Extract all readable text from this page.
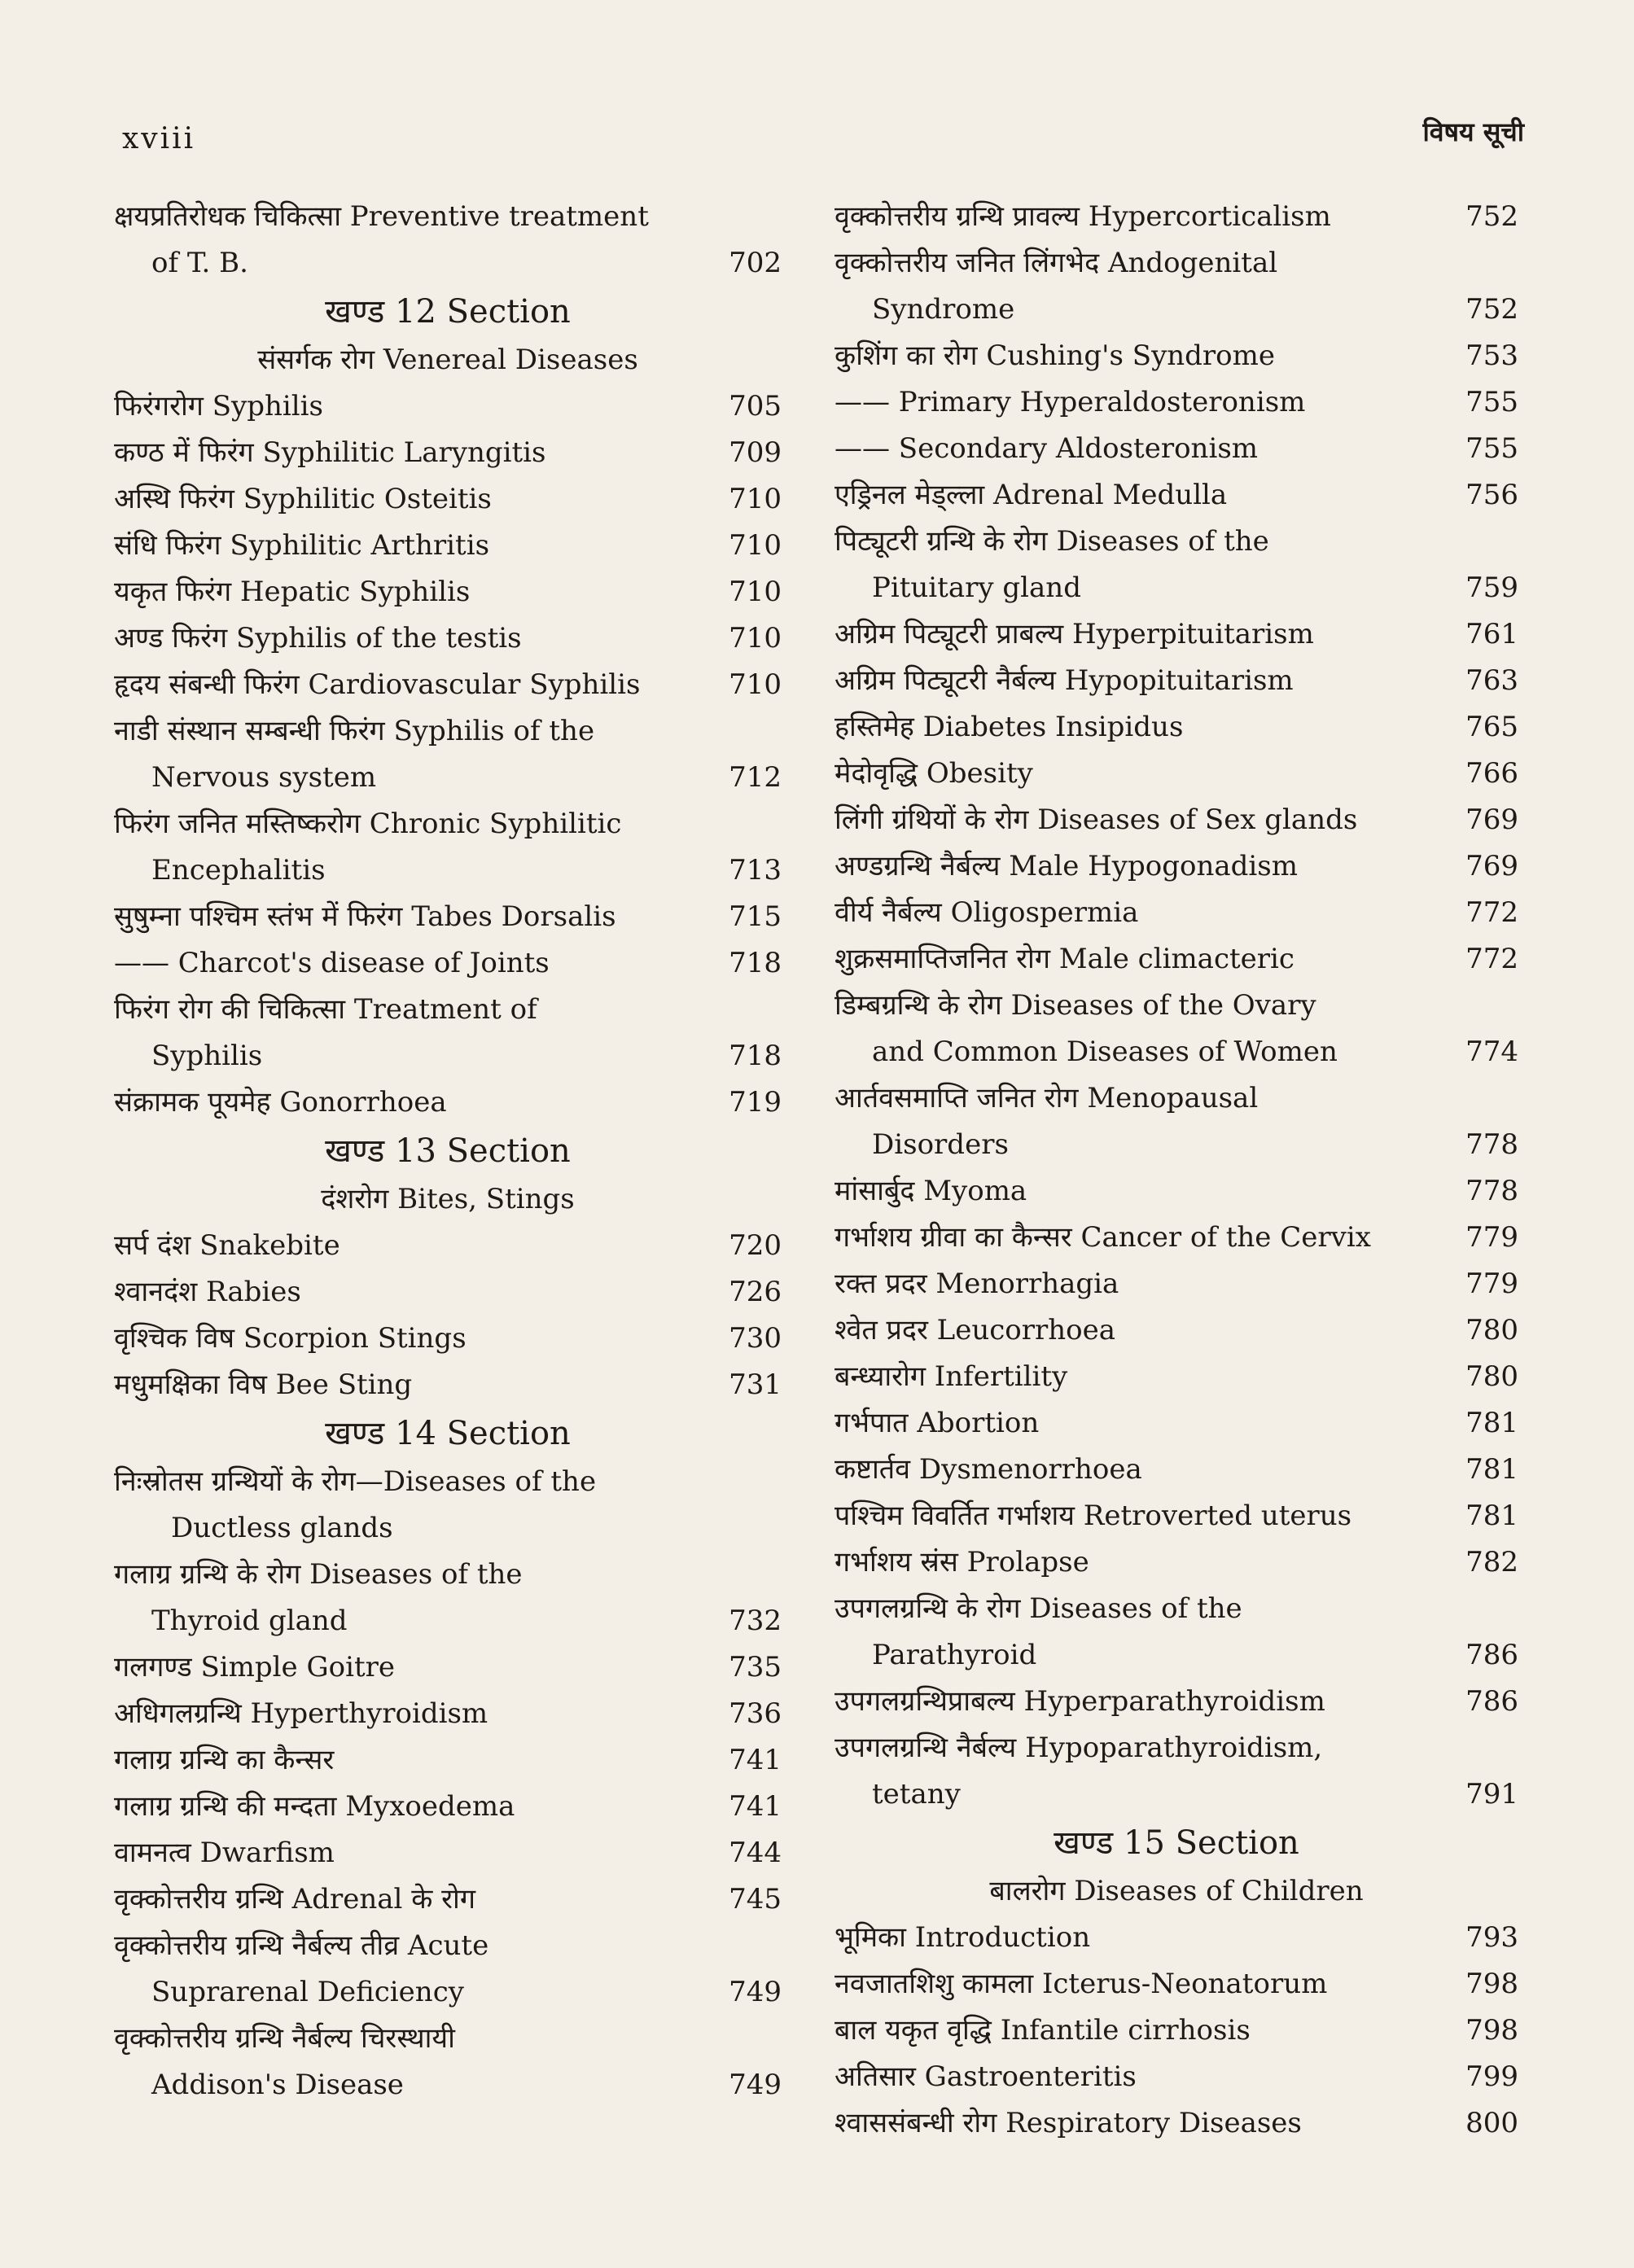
xviii	विषय सूची
क्षयप्रतिरोधक चिकित्सा Preventive treatment
of T. B.	702
खण्ड 12 Section
संसर्गक रोग Venereal Diseases
फिरंगरोग Syphilis	705
कण्ठ में फिरंग Syphilitic Laryngitis	709
अस्थि फिरंग Syphilitic Osteitis	710
संधि फिरंग Syphilitic Arthritis	710
यकृत फिरंग Hepatic Syphilis	710
अण्ड फिरंग Syphilis of the testis	710
हृदय संबन्धी फिरंग Cardiovascular Syphilis	710
नाडी संस्थान सम्बन्धी फिरंग Syphilis of the
Nervous system	712
फिरंग जनित मस्तिष्करोग Chronic Syphilitic
Encephalitis	713
सुषुम्ना पश्चिम स्तंभ में फिरंग Tabes Dorsalis	715
—— Charcot's disease of Joints	718
फिरंग रोग की चिकित्सा Treatment of
Syphilis	718
संक्रामक पूयमेह Gonorrhoea	719
खण्ड 13 Section
दंशरोग Bites, Stings
सर्प दंश Snakebite	720
श्वानदंश Rabies	726
वृश्चिक विष Scorpion Stings	730
मधुमक्षिका विष Bee Sting	731
खण्ड 14 Section
निःस्रोतस ग्रन्थियों के रोग—Diseases of the
Ductless glands
गलाग्र ग्रन्थि के रोग Diseases of the
Thyroid gland	732
गलगण्ड Simple Goitre	735
अधिगलग्रन्थि Hyperthyroidism	736
गलाग्र ग्रन्थि का कैन्सर	741
गलाग्र ग्रन्थि की मन्दता Myxoedema	741
वामनत्व Dwarfism	744
वृक्कोत्तरीय ग्रन्थि Adrenal के रोग	745
वृक्कोत्तरीय ग्रन्थि नैर्बल्य तीव्र Acute
Suprarenal Deficiency	749
वृक्कोत्तरीय ग्रन्थि नैर्बल्य चिरस्थायी
Addison's Disease	749
वृक्कोत्तरीय ग्रन्थि प्रावल्य Hypercorticalism	752
वृक्कोत्तरीय जनित लिंगभेद Andogenital
Syndrome	752
कुशिंग का रोग Cushing's Syndrome	753
—— Primary Hyperaldosteronism	755
—— Secondary Aldosteronism	755
एड्रिनल मेड्ल्ला Adrenal Medulla	756
पिट्यूटरी ग्रन्थि के रोग Diseases of the
Pituitary gland	759
अग्रिम पिट्यूटरी प्राबल्य Hyperpituitarism	761
अग्रिम पिट्यूटरी नैर्बल्य Hypopituitarism	763
हस्तिमेह Diabetes Insipidus	765
मेदोवृद्धि Obesity	766
लिंगी ग्रंथियों के रोग Diseases of Sex glands	769
अण्डग्रन्थि नैर्बल्य Male Hypogonadism	769
वीर्य नैर्बल्य Oligospermia	772
शुक्रसमाप्तिजनित रोग Male climacteric	772
डिम्बग्रन्थि के रोग Diseases of the Ovary
and Common Diseases of Women	774
आर्तवसमाप्ति जनित रोग Menopausal
Disorders	778
मांसार्बुद Myoma	778
गर्भाशय ग्रीवा का कैन्सर Cancer of the Cervix	779
रक्त प्रदर Menorrhagia	779
श्वेत प्रदर Leucorrhoea	780
बन्ध्यारोग Infertility	780
गर्भपात Abortion	781
कष्टार्तव Dysmenorrhoea	781
पश्चिम विवर्तित गर्भाशय Retroverted uterus	781
गर्भाशय स्रंस Prolapse	782
उपगलग्रन्थि के रोग Diseases of the
Parathyroid	786
उपगलग्रन्थिप्राबल्य Hyperparathyroidism	786
उपगलग्रन्थि नैर्बल्य Hypoparathyroidism,
tetany	791
खण्ड 15 Section
बालरोग Diseases of Children
भूमिका Introduction	793
नवजातशिशु कामला Icterus-Neonatorum	798
बाल यकृत वृद्धि Infantile cirrhosis	798
अतिसार Gastroenteritis	799
श्वाससंबन्धी रोग Respiratory Diseases	800
